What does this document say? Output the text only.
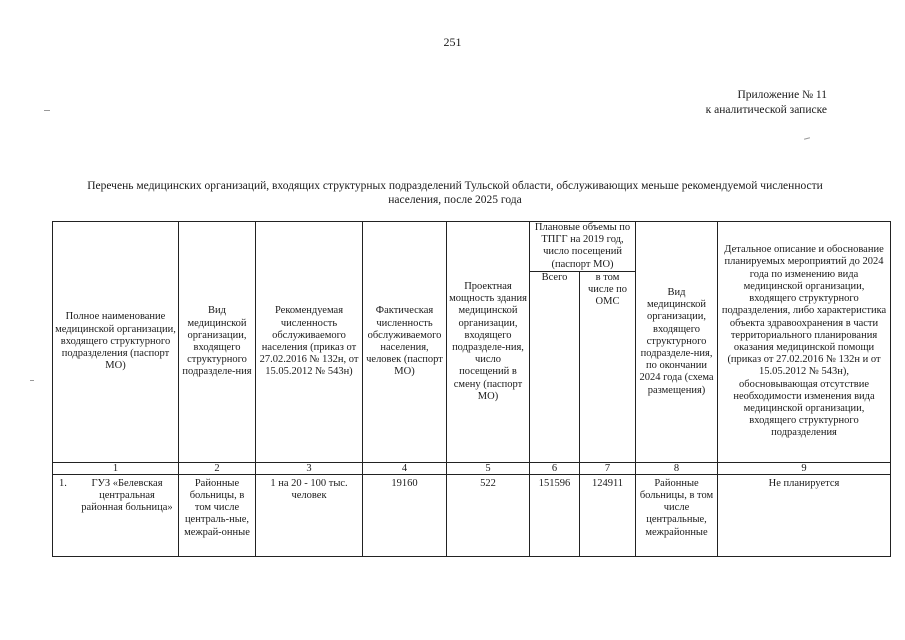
251
Приложение № 11
к аналитической записке
Перечень медицинских организаций, входящих структурных подразделений Тульской области, обслуживающих меньше рекомендуемой численности населения, после 2025 года
Полное наименование медицинской организации, входящего структурного подразделения (паспорт МО)	Вид медицинской организации, входящего структурного подразделе-ния	Рекомендуемая численность обслуживаемого населения (приказ от 27.02.2016 № 132н, от 15.05.2012 № 543н)	Фактическая численность обслуживаемого населения, человек (паспорт МО)	Проектная мощность здания медицинской организации, входящего подразделе-ния, число посещений в смену (паспорт МО)	Плановые объемы по ТПГГ на 2019 год, число посещений (паспорт МО)		Вид медицинской организации, входящего структурного подразделе-ния, по окончании 2024 года (схема размещения)	Детальное описание и обоснование планируемых мероприятий до 2024 года по изменению вида медицинской организации, входящего структурного подразделения, либо характеристика объекта здравоохранения в части территориального планирования оказания медицинской помощи (приказ от 27.02.2016 № 132н и от 15.05.2012 № 543н), обосновывающая отсутствие необходимости изменения вида медицинской организации, входящего структурного подразделения
					Всего	в том числе по ОМС		
1	2	3	4	5	6	7	8	9
1. ГУЗ «Белевская центральная районная больница»	Районные больницы, в том числе централь-ные, межрай-онные	1 на 20 - 100 тыс. человек	19160	522	151596	124911	Районные больницы, в том числе центральные, межрайонные	Не планируется
